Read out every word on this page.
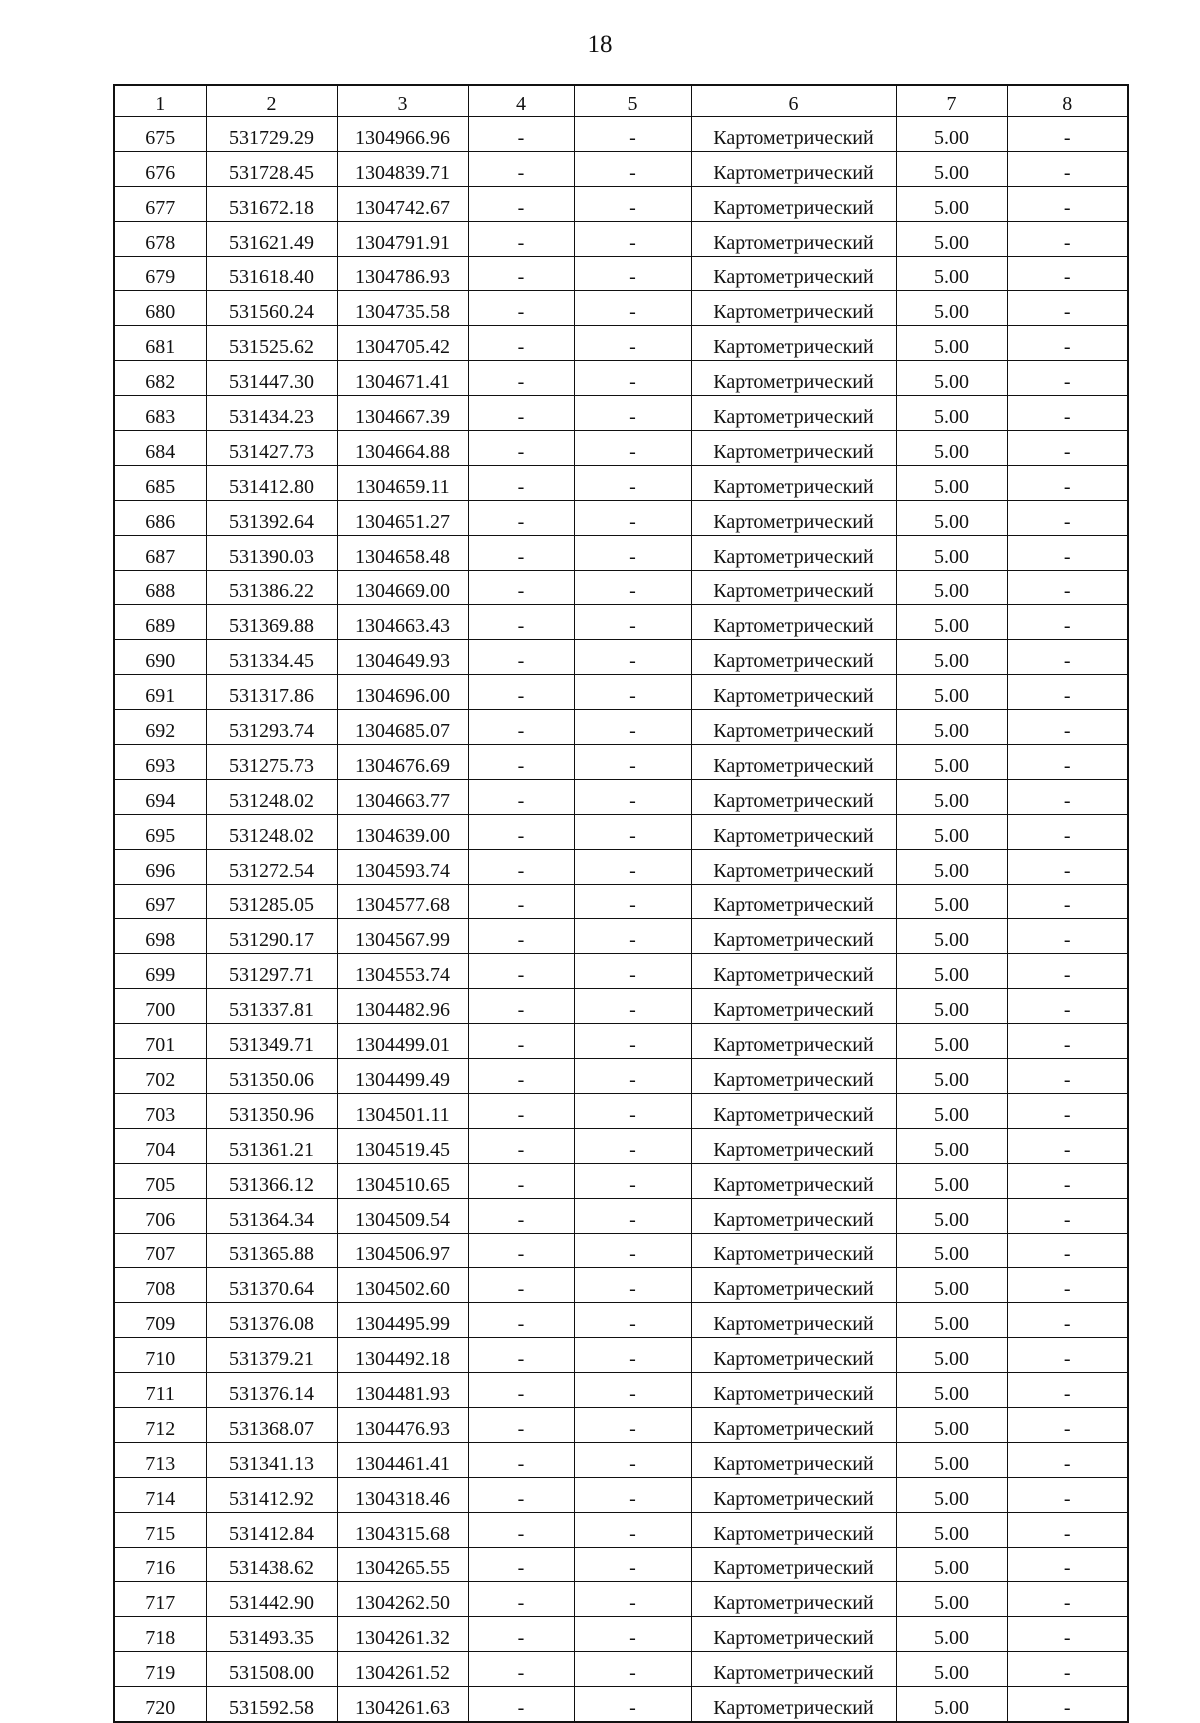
18
1	2	3	4	5	6	7	8
675	531729.29	1304966.96	-	-	Картометрический	5.00	-
676	531728.45	1304839.71	-	-	Картометрический	5.00	-
677	531672.18	1304742.67	-	-	Картометрический	5.00	-
678	531621.49	1304791.91	-	-	Картометрический	5.00	-
679	531618.40	1304786.93	-	-	Картометрический	5.00	-
680	531560.24	1304735.58	-	-	Картометрический	5.00	-
681	531525.62	1304705.42	-	-	Картометрический	5.00	-
682	531447.30	1304671.41	-	-	Картометрический	5.00	-
683	531434.23	1304667.39	-	-	Картометрический	5.00	-
684	531427.73	1304664.88	-	-	Картометрический	5.00	-
685	531412.80	1304659.11	-	-	Картометрический	5.00	-
686	531392.64	1304651.27	-	-	Картометрический	5.00	-
687	531390.03	1304658.48	-	-	Картометрический	5.00	-
688	531386.22	1304669.00	-	-	Картометрический	5.00	-
689	531369.88	1304663.43	-	-	Картометрический	5.00	-
690	531334.45	1304649.93	-	-	Картометрический	5.00	-
691	531317.86	1304696.00	-	-	Картометрический	5.00	-
692	531293.74	1304685.07	-	-	Картометрический	5.00	-
693	531275.73	1304676.69	-	-	Картометрический	5.00	-
694	531248.02	1304663.77	-	-	Картометрический	5.00	-
695	531248.02	1304639.00	-	-	Картометрический	5.00	-
696	531272.54	1304593.74	-	-	Картометрический	5.00	-
697	531285.05	1304577.68	-	-	Картометрический	5.00	-
698	531290.17	1304567.99	-	-	Картометрический	5.00	-
699	531297.71	1304553.74	-	-	Картометрический	5.00	-
700	531337.81	1304482.96	-	-	Картометрический	5.00	-
701	531349.71	1304499.01	-	-	Картометрический	5.00	-
702	531350.06	1304499.49	-	-	Картометрический	5.00	-
703	531350.96	1304501.11	-	-	Картометрический	5.00	-
704	531361.21	1304519.45	-	-	Картометрический	5.00	-
705	531366.12	1304510.65	-	-	Картометрический	5.00	-
706	531364.34	1304509.54	-	-	Картометрический	5.00	-
707	531365.88	1304506.97	-	-	Картометрический	5.00	-
708	531370.64	1304502.60	-	-	Картометрический	5.00	-
709	531376.08	1304495.99	-	-	Картометрический	5.00	-
710	531379.21	1304492.18	-	-	Картометрический	5.00	-
711	531376.14	1304481.93	-	-	Картометрический	5.00	-
712	531368.07	1304476.93	-	-	Картометрический	5.00	-
713	531341.13	1304461.41	-	-	Картометрический	5.00	-
714	531412.92	1304318.46	-	-	Картометрический	5.00	-
715	531412.84	1304315.68	-	-	Картометрический	5.00	-
716	531438.62	1304265.55	-	-	Картометрический	5.00	-
717	531442.90	1304262.50	-	-	Картометрический	5.00	-
718	531493.35	1304261.32	-	-	Картометрический	5.00	-
719	531508.00	1304261.52	-	-	Картометрический	5.00	-
720	531592.58	1304261.63	-	-	Картометрический	5.00	-
